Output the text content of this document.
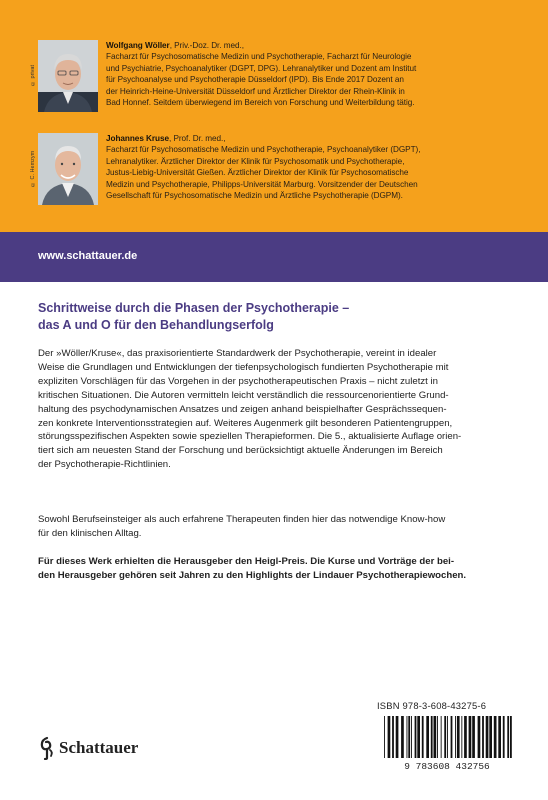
© privat
Wolfgang Wöller, Priv.-Doz. Dr. med.,
Facharzt für Psychosomatische Medizin und Psychotherapie, Facharzt für Neurologie
und Psychiatrie, Psychoanalytiker (DGPT, DPG). Lehranalytiker und Dozent am Institut
für Psychoanalyse und Psychotherapie Düsseldorf (IPD). Bis Ende 2017 Dozent an
der Heinrich-Heine-Universität Düsseldorf und Ärztlicher Direktor der Rhein-Klinik in
Bad Honnef. Seitdem überwiegend im Bereich von Forschung und Weiterbildung tätig.
© C. Hemzym
Johannes Kruse, Prof. Dr. med.,
Facharzt für Psychosomatische Medizin und Psychotherapie, Psychoanalytiker (DGPT),
Lehranalytiker. Ärztlicher Direktor der Klinik für Psychosomatik und Psychotherapie,
Justus-Liebig-Universität Gießen. Ärztlicher Direktor der Klinik für Psychosomatische
Medizin und Psychotherapie, Philipps-Universität Marburg. Vorsitzender der Deutschen
Gesellschaft für Psychosomatische Medizin und Ärztliche Psychotherapie (DGPM).
www.schattauer.de
Schrittweise durch die Phasen der Psychotherapie –
das A und O für den Behandlungserfolg
Der »Wöller/Kruse«, das praxisorientierte Standardwerk der Psychotherapie, vereint in idealer
Weise die Grundlagen und Entwicklungen der tiefenpsychologisch fundierten Psychotherapie mit
expliziten Vorschlägen für das Vorgehen in der psychotherapeutischen Praxis – nicht zuletzt in
kritischen Situationen. Die Autoren vermitteln leicht verständlich die ressourcenorientierte Grund-
haltung des psychodynamischen Ansatzes und zeigen anhand beispielhafter Gesprächssequen-
zen konkrete Interventionsstrategien auf. Weiteres Augenmerk gilt besonderen Patientengruppen,
störungsspezifischen Aspekten sowie speziellen Therapieformen. Die 5., aktualisierte Auflage orien-
tiert sich am neuesten Stand der Forschung und berücksichtigt aktuelle Änderungen im Bereich
der Psychotherapie-Richtlinien.
Sowohl Berufseinsteiger als auch erfahrene Therapeuten finden hier das notwendige Know-how
für den klinischen Alltag.
Für dieses Werk erhielten die Herausgeber den Heigl-Preis. Die Kurse und Vorträge der bei-
den Herausgeber gehören seit Jahren zu den Highlights der Lindauer Psychotherapiewochen.
ISBN 978-3-608-43275-6
9 783608 432756
Schattauer
